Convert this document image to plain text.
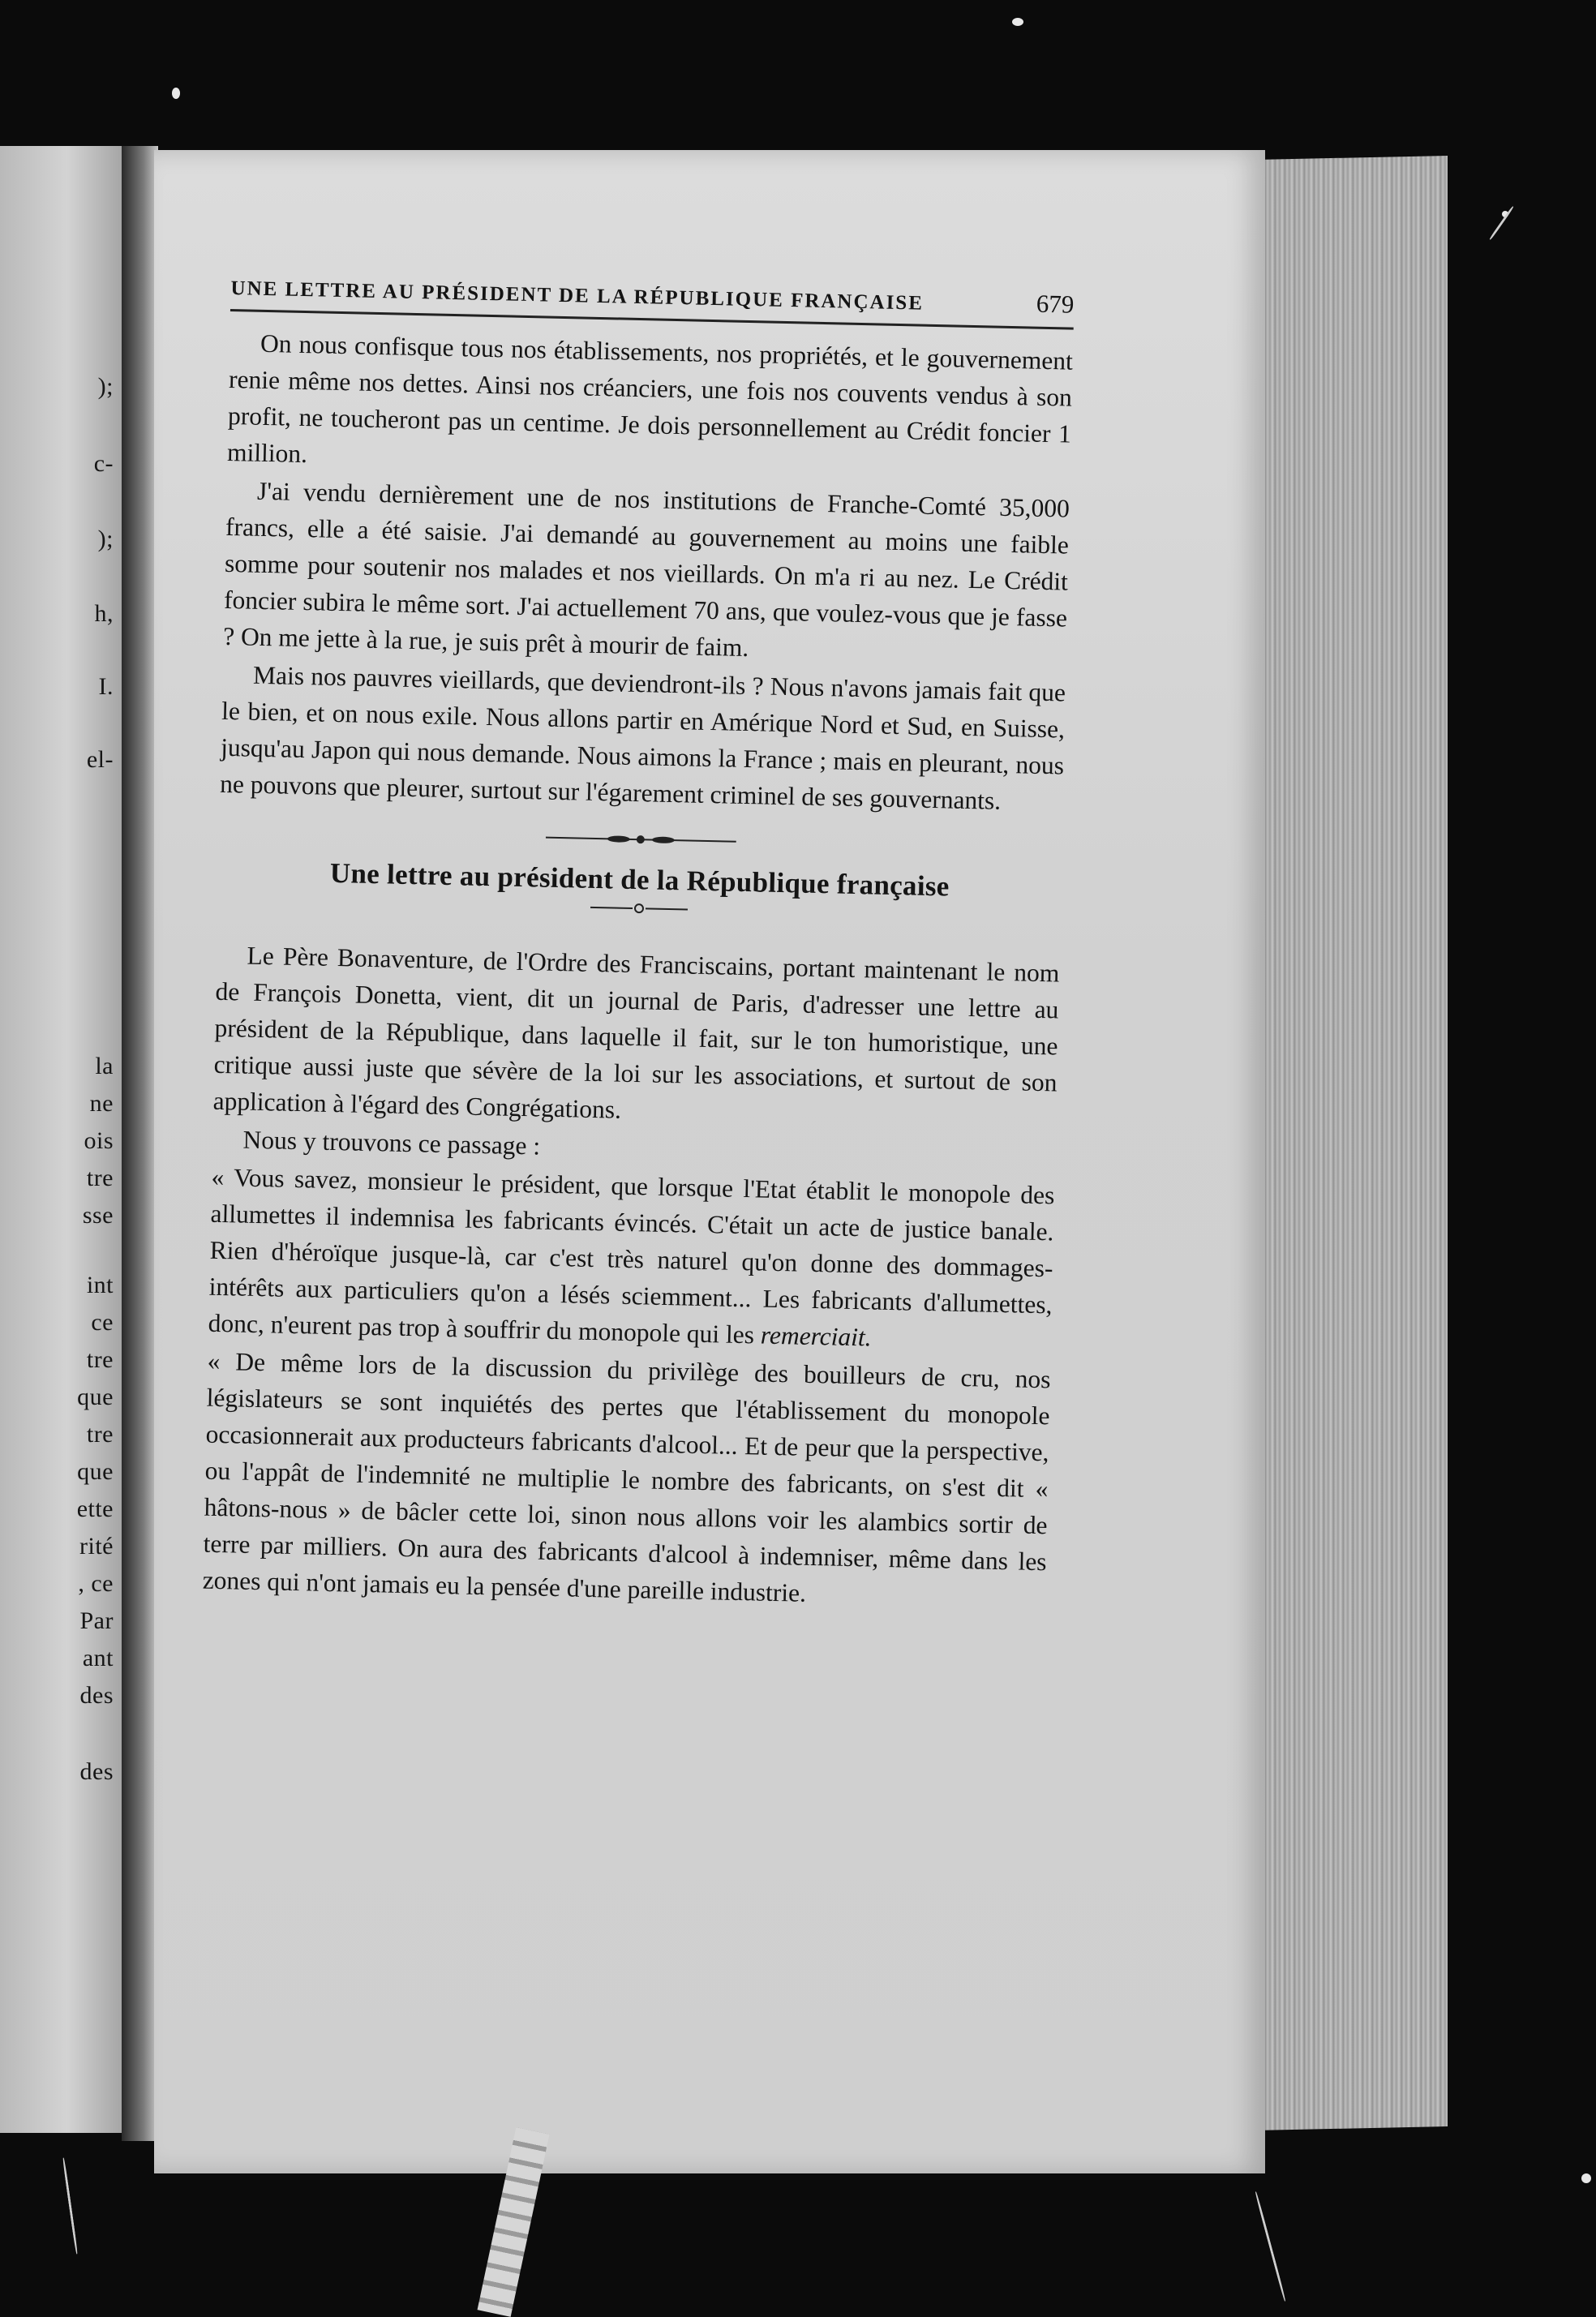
);
c-
);
h,
I.
el-
la
ne
ois
tre
sse
int
ce
tre
que
tre
que
ette
rité
, ce
Par
ant
des
des
UNE LETTRE AU PRÉSIDENT DE LA RÉPUBLIQUE FRANÇAISE	679

On nous confisque tous nos établissements, nos propriétés, et le gouvernement renie même nos dettes. Ainsi nos créanciers, une fois nos couvents vendus à son profit, ne toucheront pas un centime. Je dois personnellement au Crédit foncier 1 million.

J'ai vendu dernièrement une de nos institutions de Franche-Comté 35,000 francs, elle a été saisie. J'ai demandé au gouvernement au moins une faible somme pour soutenir nos malades et nos vieillards. On m'a ri au nez. Le Crédit foncier subira le même sort. J'ai actuellement 70 ans, que voulez-vous que je fasse ? On me jette à la rue, je suis prêt à mourir de faim.

Mais nos pauvres vieillards, que deviendront-ils ? Nous n'avons jamais fait que le bien, et on nous exile. Nous allons partir en Amérique Nord et Sud, en Suisse, jusqu'au Japon qui nous demande. Nous aimons la France ; mais en pleurant, nous ne pouvons que pleurer, surtout sur l'égarement criminel de ses gouvernants.

Une lettre au président de la République française

Le Père Bonaventure, de l'Ordre des Franciscains, portant maintenant le nom de François Donetta, vient, dit un journal de Paris, d'adresser une lettre au président de la République, dans laquelle il fait, sur le ton humoristique, une critique aussi juste que sévère de la loi sur les associations, et surtout de son application à l'égard des Congrégations.

Nous y trouvons ce passage :

« Vous savez, monsieur le président, que lorsque l'Etat établit le monopole des allumettes il indemnisa les fabricants évincés. C'était un acte de justice banale. Rien d'héroïque jusque-là, car c'est très naturel qu'on donne des dommages-intérêts aux particuliers qu'on a lésés sciemment... Les fabricants d'allumettes, donc, n'eurent pas trop à souffrir du monopole qui les remerciait.

« De même lors de la discussion du privilège des bouilleurs de cru, nos législateurs se sont inquiétés des pertes que l'établissement du monopole occasionnerait aux producteurs fabricants d'alcool... Et de peur que la perspective, ou l'appât de l'indemnité ne multiplie le nombre des fabricants, on s'est dit « hâtons-nous » de bâcler cette loi, sinon nous allons voir les alambics sortir de terre par milliers. On aura des fabricants d'alcool à indemniser, même dans les zones qui n'ont jamais eu la pensée d'une pareille industrie.
